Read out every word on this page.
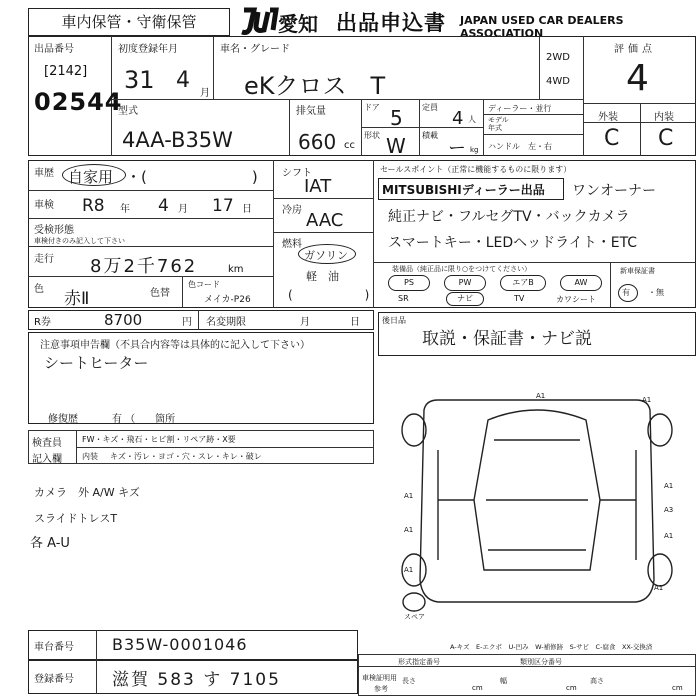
車内保管・守衛保管	愛知 出品申込書 JAPAN USED CAR DEALERS ASSOCIATION
出品番号
[2142]
02544
初度登録年月
31 4
月
車名・グレード
eKクロス　T
2WD
4WD
評価点
4
型式
4AA-B35W
排気量
660 cc
ドア 5
形状 W
定員
4 人
積載
ー kg
ディーラー・並行
モデル
年式
ハンドル　左・右
外装	内装
C C
車歴 自家用 ・(　　　　　　　)
車検 R8 年 4 月 17 日
受検形態
車検付きのみ記入して下さい
走行 8万2千762	km
色 赤Ⅱ	色替
色コード
メイカ-P26
シフト
IAT
冷房 AAC
燃料
ガソリン
軽　油
(　　　　　　)
セールスポイント（正常に機能するものに限ります）
MITSUBISHIディーラー出品 ワンオーナー
純正ナビ・フルセグTV・バックカメラ
スマートキー・LEDヘッドライト・ETC
装備品（純正品に限り○をつけてください）
PS	PW	エアB	AW
SR	ナビ	TV	カワシート
新車保証書
有 ・無
R券	8700	円 名変期限	月	日	後日品
取説・保証書・ナビ説
注意事項申告欄（不具合内容等は具体的に記入して下さい）
シートヒーター
修復歴	有 （　　箇所
検査員
記入欄
FW・キズ・飛石・ヒビ割・リペア跡・X要
内装 キズ・汚レ・ヨゴ・穴・スレ・キレ・破レ
カメラ　外 A/W キズ
スライドトレスT
各 A-U
A1	A1
A1
A1
A1
A3
A1
A1
A1
スペア
A-キズ　E-エクボ　U-凹み　W-補修跡　S-サビ　C-腐食　XX-交換済
車台番号 B35W-0001046
登録番号 滋賀 583 す 7105	車検証明用
形式指定番号	類別区分番号
参考
長さ
cm
幅
cm
高さ
cm
